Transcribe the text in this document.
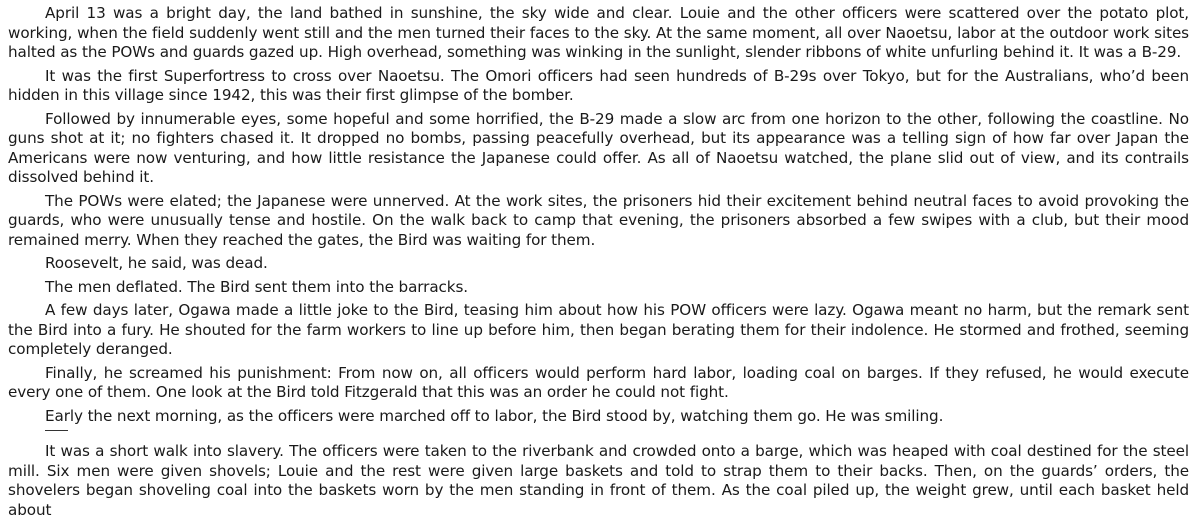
April 13 was a bright day, the land bathed in sunshine, the sky wide and clear. Louie and the other officers were scattered over the potato plot, working, when the field suddenly went still and the men turned their faces to the sky. At the same moment, all over Naoetsu, labor at the outdoor work sites halted as the POWs and guards gazed up. High overhead, something was winking in the sunlight, slender ribbons of white unfurling behind it. It was a B-29.

It was the first Superfortress to cross over Naoetsu. The Omori officers had seen hundreds of B-29s over Tokyo, but for the Australians, who’d been hidden in this village since 1942, this was their first glimpse of the bomber.

Followed by innumerable eyes, some hopeful and some horrified, the B-29 made a slow arc from one horizon to the other, following the coastline. No guns shot at it; no fighters chased it. It dropped no bombs, passing peacefully overhead, but its appearance was a telling sign of how far over Japan the Americans were now venturing, and how little resistance the Japanese could offer. As all of Naoetsu watched, the plane slid out of view, and its contrails dissolved behind it.

The POWs were elated; the Japanese were unnerved. At the work sites, the prisoners hid their excitement behind neutral faces to avoid provoking the guards, who were unusually tense and hostile. On the walk back to camp that evening, the prisoners absorbed a few swipes with a club, but their mood remained merry. When they reached the gates, the Bird was waiting for them.

Roosevelt, he said, was dead.

The men deflated. The Bird sent them into the barracks.

A few days later, Ogawa made a little joke to the Bird, teasing him about how his POW officers were lazy. Ogawa meant no harm, but the remark sent the Bird into a fury. He shouted for the farm workers to line up before him, then began berating them for their indolence. He stormed and frothed, seeming completely deranged.

Finally, he screamed his punishment: From now on, all officers would perform hard labor, loading coal on barges. If they refused, he would execute every one of them. One look at the Bird told Fitzgerald that this was an order he could not fight.

Early the next morning, as the officers were marched off to labor, the Bird stood by, watching them go. He was smiling.

It was a short walk into slavery. The officers were taken to the riverbank and crowded onto a barge, which was heaped with coal destined for the steel mill. Six men were given shovels; Louie and the rest were given large baskets and told to strap them to their backs. Then, on the guards’ orders, the shovelers began shoveling coal into the baskets worn by the men standing in front of them. As the coal piled up, the weight grew, until each basket held about
